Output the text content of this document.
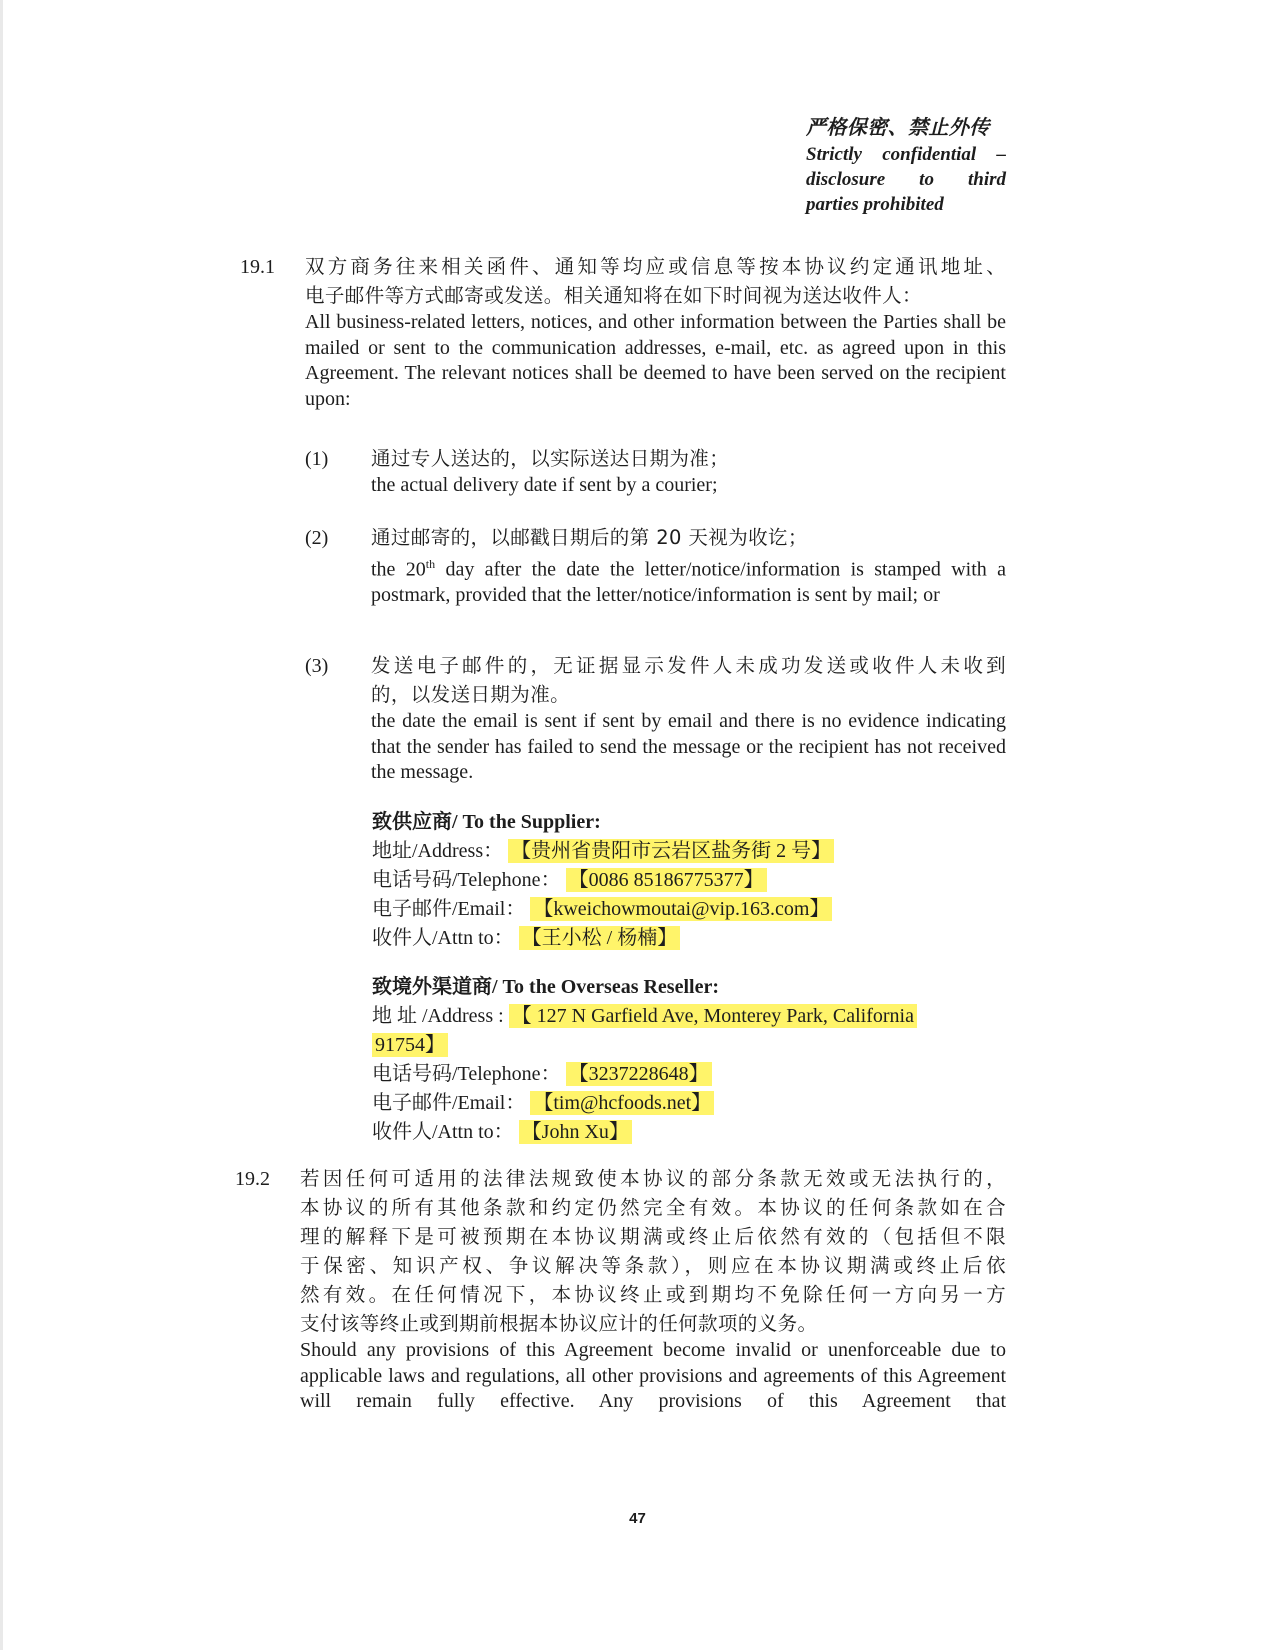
严格保密、禁止外传
Strictly confidential –
disclosure to third
parties prohibited
19.1 双方商务往来相关函件、通知等均应或信息等按本协议约定通讯地址、
电子邮件等方式邮寄或发送。相关通知将在如下时间视为送达收件人：
All business-related letters, notices, and other information between the Parties shall be mailed or sent to the communication addresses, e-mail, etc. as agreed upon in this Agreement. The relevant notices shall be deemed to have been served on the recipient upon:
(1) 通过专人送达的，以实际送达日期为准；
the actual delivery date if sent by a courier;
(2) 通过邮寄的，以邮戳日期后的第 20 天视为收讫；
the 20th day after the date the letter/notice/information is stamped with a postmark, provided that the letter/notice/information is sent by mail; or
(3) 发送电子邮件的，无证据显示发件人未成功发送或收件人未收到
的，以发送日期为准。
the date the email is sent if sent by email and there is no evidence indicating that the sender has failed to send the message or the recipient has not received the message.
致供应商/ To the Supplier:
地址/Address： 【贵州省贵阳市云岩区盐务街 2 号】
电话号码/Telephone： 【0086 85186775377】
电子邮件/Email： 【kweichowmoutai@vip.163.com】
收件人/Attn to： 【王小松 / 杨楠】
致境外渠道商/ To the Overseas Reseller:
地 址 /Address : 【 127 N Garfield Ave, Monterey Park, California
91754】
电话号码/Telephone： 【3237228648】
电子邮件/Email： 【tim@hcfoods.net】
收件人/Attn to： 【John Xu】
19.2 若因任何可适用的法律法规致使本协议的部分条款无效或无法执行的，
本协议的所有其他条款和约定仍然完全有效。本协议的任何条款如在合
理的解释下是可被预期在本协议期满或终止后依然有效的（包括但不限
于保密、知识产权、争议解决等条款），则应在本协议期满或终止后依
然有效。在任何情况下，本协议终止或到期均不免除任何一方向另一方
支付该等终止或到期前根据本协议应计的任何款项的义务。
Should any provisions of this Agreement become invalid or unenforceable due to applicable laws and regulations, all other provisions and agreements of this Agreement will remain fully effective. Any provisions of this Agreement that
47
